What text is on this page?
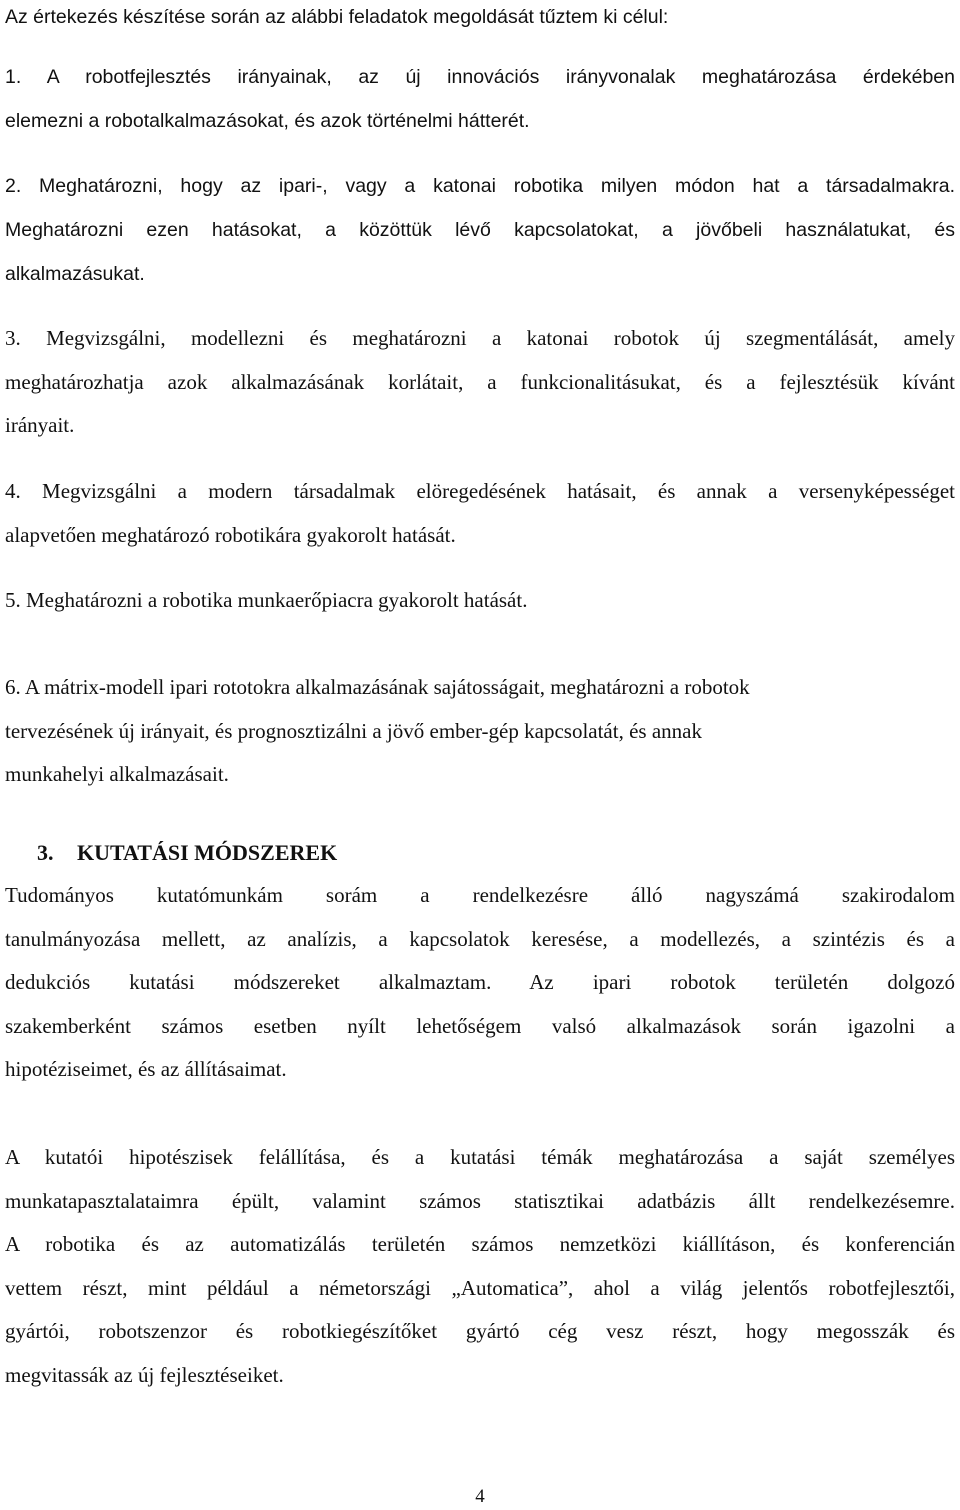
Az értekezés készítése során az alábbi feladatok megoldását tűztem ki célul:

1. A robotfejlesztés irányainak, az új innovációs irányvonalak meghatározása érdekében
elemezni a robotalkalmazásokat, és azok történelmi hátterét.
2. Meghatározni, hogy az ipari-, vagy a katonai robotika milyen módon hat a társadalmakra.
Meghatározni ezen hatásokat, a közöttük lévő kapcsolatokat, a jövőbeli használatukat, és
alkalmazásukat.
3. Megvizsgálni, modellezni és meghatározni a katonai robotok új szegmentálását, amely
meghatározhatja azok alkalmazásának korlátait, a funkcionalitásukat, és a fejlesztésük kívánt
irányait.
4. Megvizsgálni a modern társadalmak elöregedésének hatásait, és annak a versenyképességet
alapvetően meghatározó robotikára gyakorolt hatását.
5. Meghatározni a robotika munkaerőpiacra gyakorolt hatását.
6. A mátrix-modell ipari rototokra alkalmazásának sajátosságait, meghatározni a robotok
tervezésének új irányait, és prognosztizálni a jövő ember-gép kapcsolatát, és annak
munkahelyi alkalmazásait.
3. KUTATÁSI MÓDSZEREK
Tudományos kutatómunkám sorám a rendelkezésre álló nagyszámá szakirodalom
tanulmányozása mellett, az analízis, a kapcsolatok keresése, a modellezés, a szintézis és a
dedukciós kutatási módszereket alkalmaztam. Az ipari robotok területén dolgozó
szakemberként számos esetben nyílt lehetőségem valsó alkalmazások során igazolni a
hipotéziseimet, és az állításaimat.
A kutatói hipotészisek felállítása, és a kutatási témák meghatározása a saját személyes
munkatapasztalataimra épült, valamint számos statisztikai adatbázis állt rendelkezésemre.
A robotika és az automatizálás területén számos nemzetközi kiállításon, és konferencián
vettem részt, mint például a németországi „Automatica”, ahol a világ jelentős robotfejlesztői,
gyártói, robotszenzor és robotkiegészítőket gyártó cég vesz részt, hogy megosszák és
megvitassák az új fejlesztéseiket.
4
